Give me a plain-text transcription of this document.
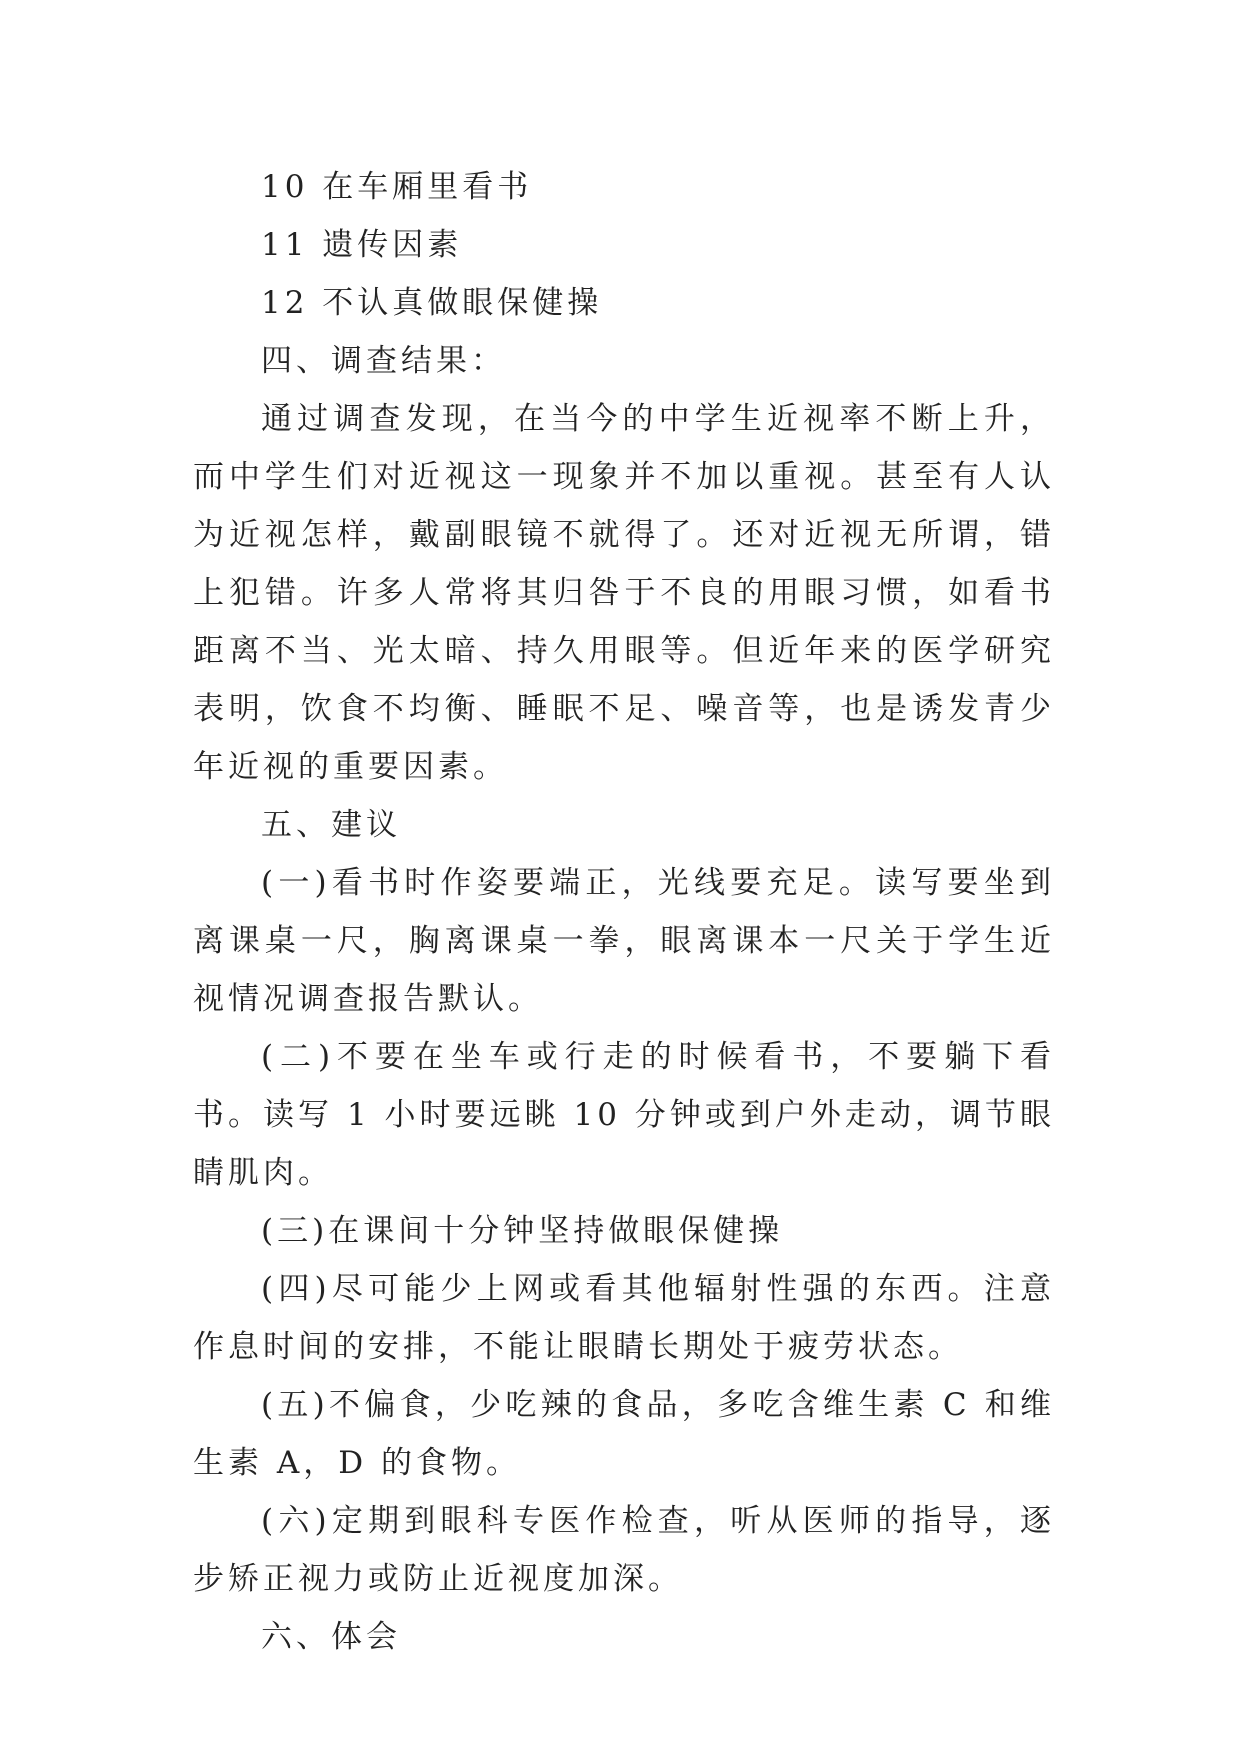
10 在车厢里看书

11 遗传因素

12 不认真做眼保健操

四、调查结果：

通过调查发现，在当今的中学生近视率不断上升，而中学生们对近视这一现象并不加以重视。甚至有人认为近视怎样，戴副眼镜不就得了。还对近视无所谓，错上犯错。许多人常将其归咎于不良的用眼习惯，如看书距离不当、光太暗、持久用眼等。但近年来的医学研究表明，饮食不均衡、睡眠不足、噪音等，也是诱发青少年近视的重要因素。

五、建议

(一)看书时作姿要端正，光线要充足。读写要坐到离课桌一尺，胸离课桌一拳，眼离课本一尺关于学生近视情况调查报告默认。

(二)不要在坐车或行走的时候看书，不要躺下看书。读写 1 小时要远眺 10 分钟或到户外走动，调节眼睛肌肉。

(三)在课间十分钟坚持做眼保健操

(四)尽可能少上网或看其他辐射性强的东西。注意作息时间的安排，不能让眼睛长期处于疲劳状态。

(五)不偏食，少吃辣的食品，多吃含维生素 C 和维生素 A，D 的食物。

(六)定期到眼科专医作检查，听从医师的指导，逐步矫正视力或防止近视度加深。

六、体会
